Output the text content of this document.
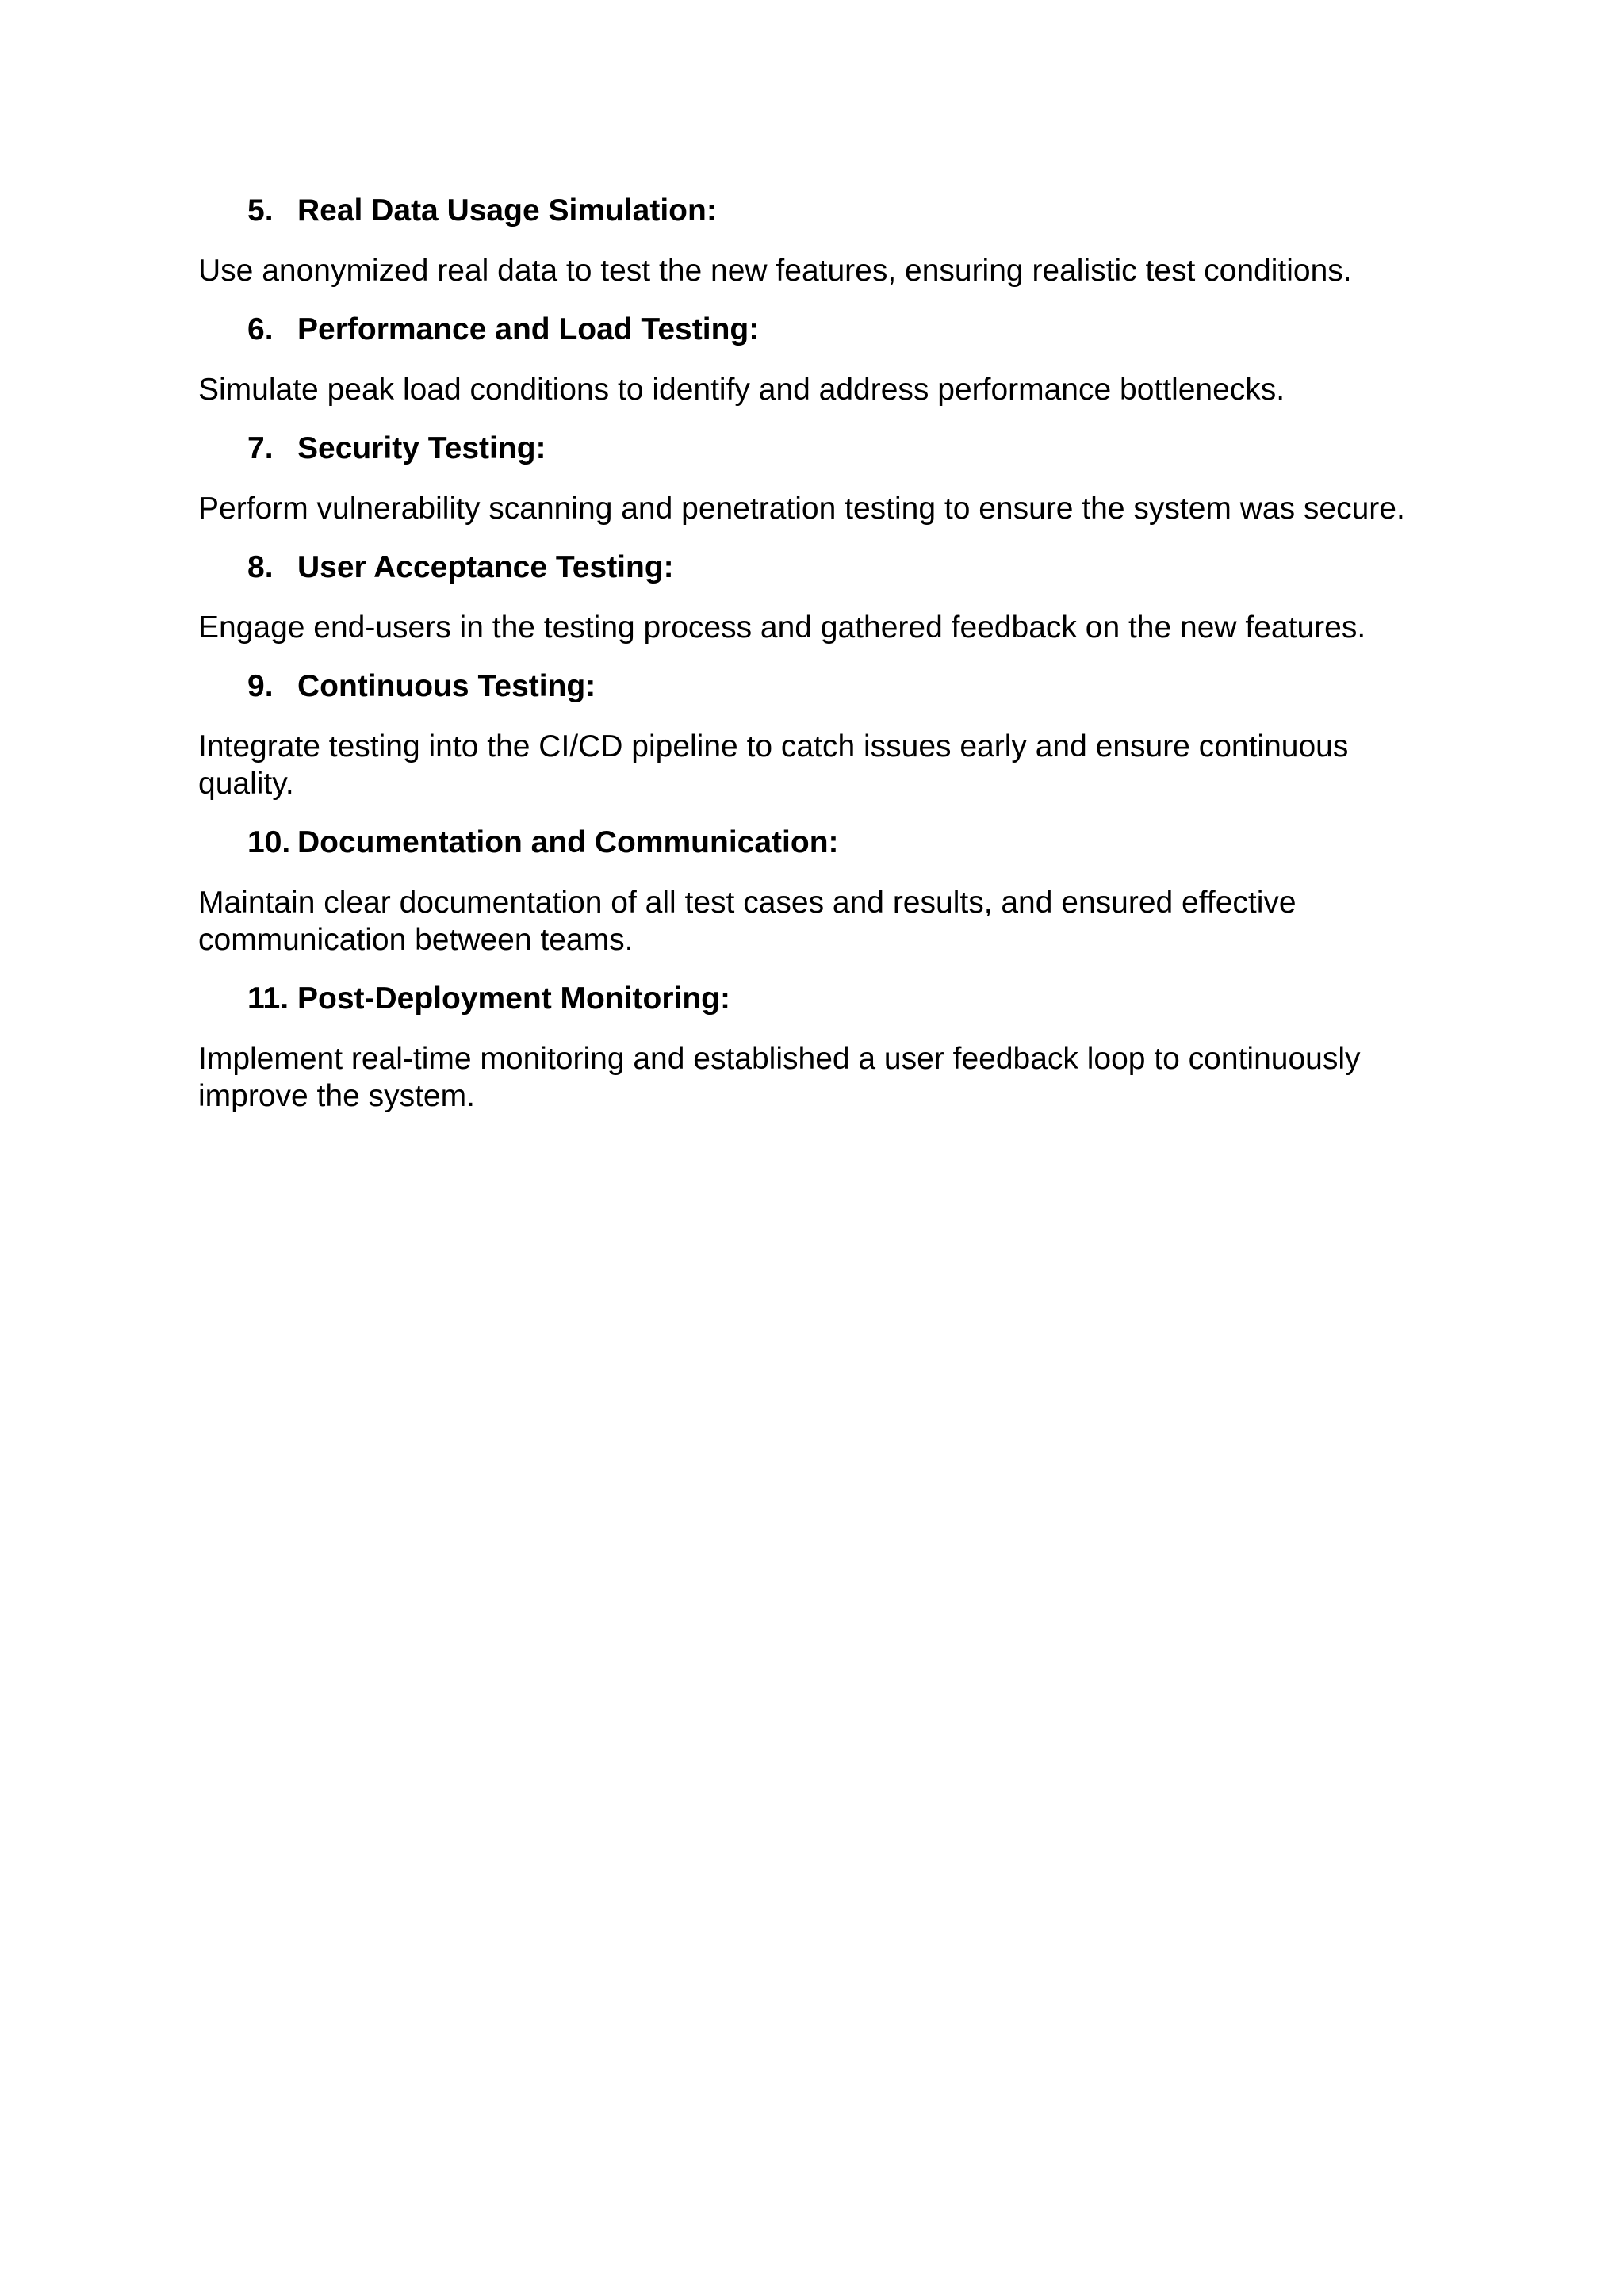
5. Real Data Usage Simulation:

Use anonymized real data to test the new features, ensuring realistic test conditions.

6. Performance and Load Testing:

Simulate peak load conditions to identify and address performance bottlenecks.

7. Security Testing:

Perform vulnerability scanning and penetration testing to ensure the system was secure.

8. User Acceptance Testing:

Engage end-users in the testing process and gathered feedback on the new features.

9. Continuous Testing:

Integrate testing into the CI/CD pipeline to catch issues early and ensure continuous quality.

10. Documentation and Communication:

Maintain clear documentation of all test cases and results, and ensured effective communication between teams.

11. Post-Deployment Monitoring:

Implement real-time monitoring and established a user feedback loop to continuously improve the system.
